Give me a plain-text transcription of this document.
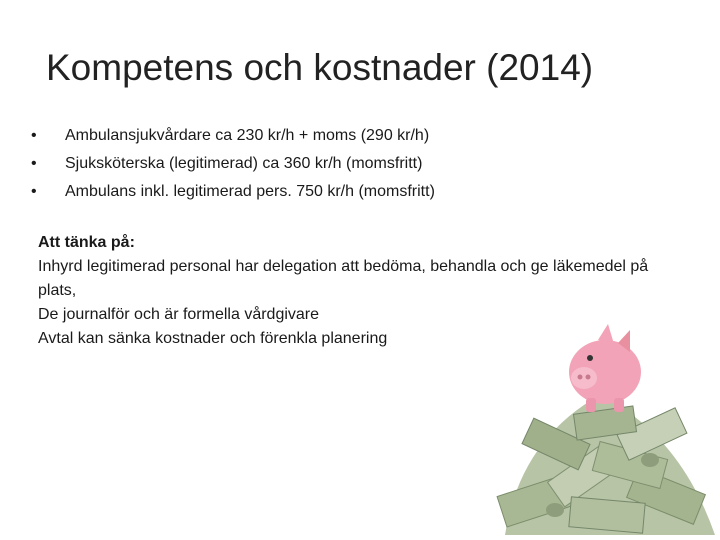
Kompetens och kostnader (2014)
•	Ambulansjukvårdare ca 230 kr/h + moms (290 kr/h)
•	Sjuksköterska (legitimerad) ca 360 kr/h (momsfritt)
•	Ambulans inkl. legitimerad pers. 750 kr/h (momsfritt)

Att tänka på:

Inhyrd legitimerad personal har delegation att bedöma, behandla och ge läkemedel på plats,

De journalför och är formella vårdgivare

Avtal kan sänka kostnader och förenkla planering
